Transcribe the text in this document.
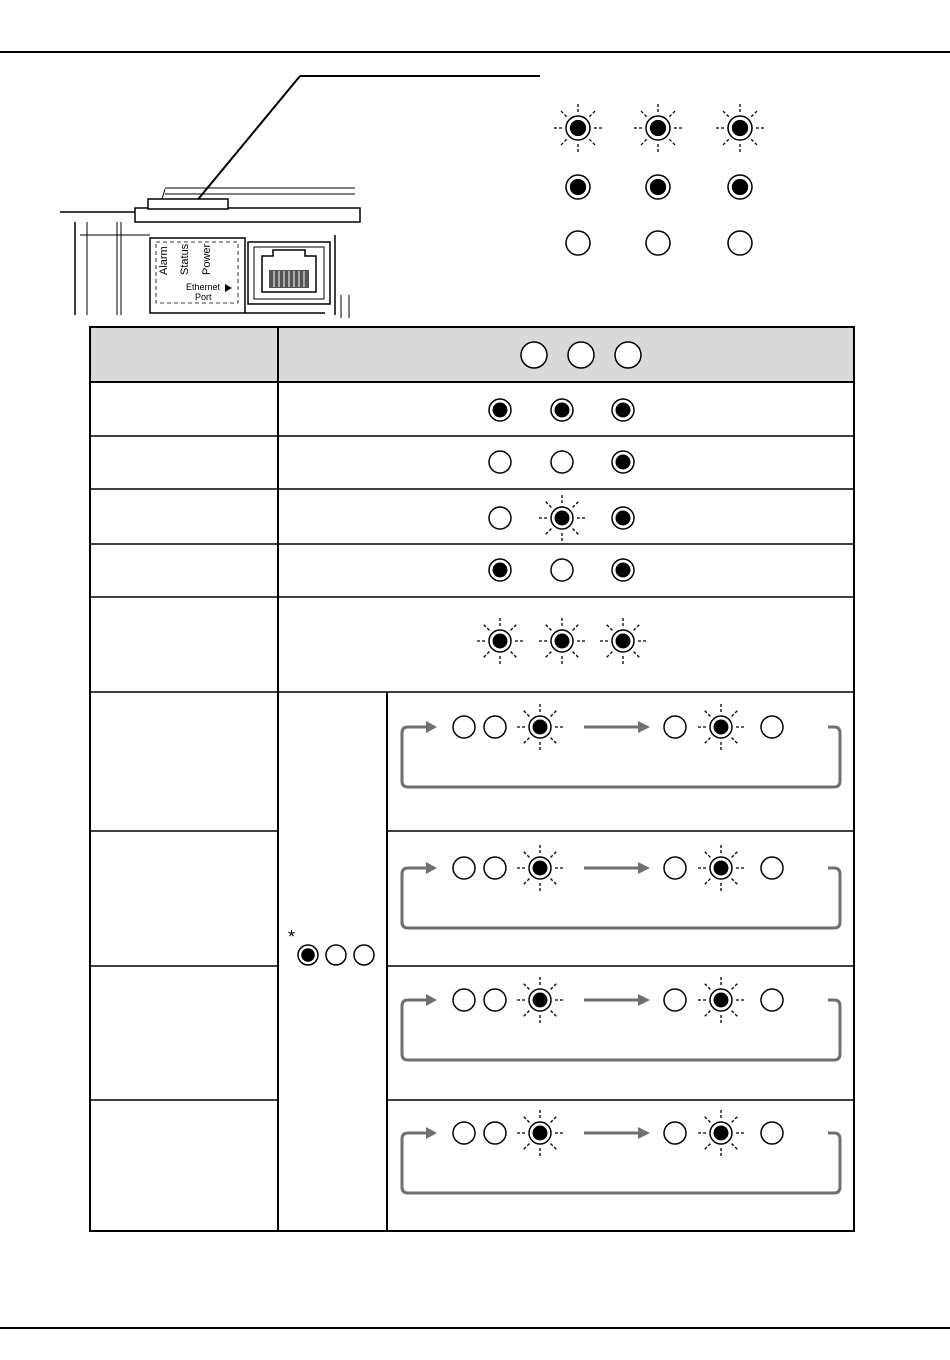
Alarm Status Power
Ethernet
Port
*
